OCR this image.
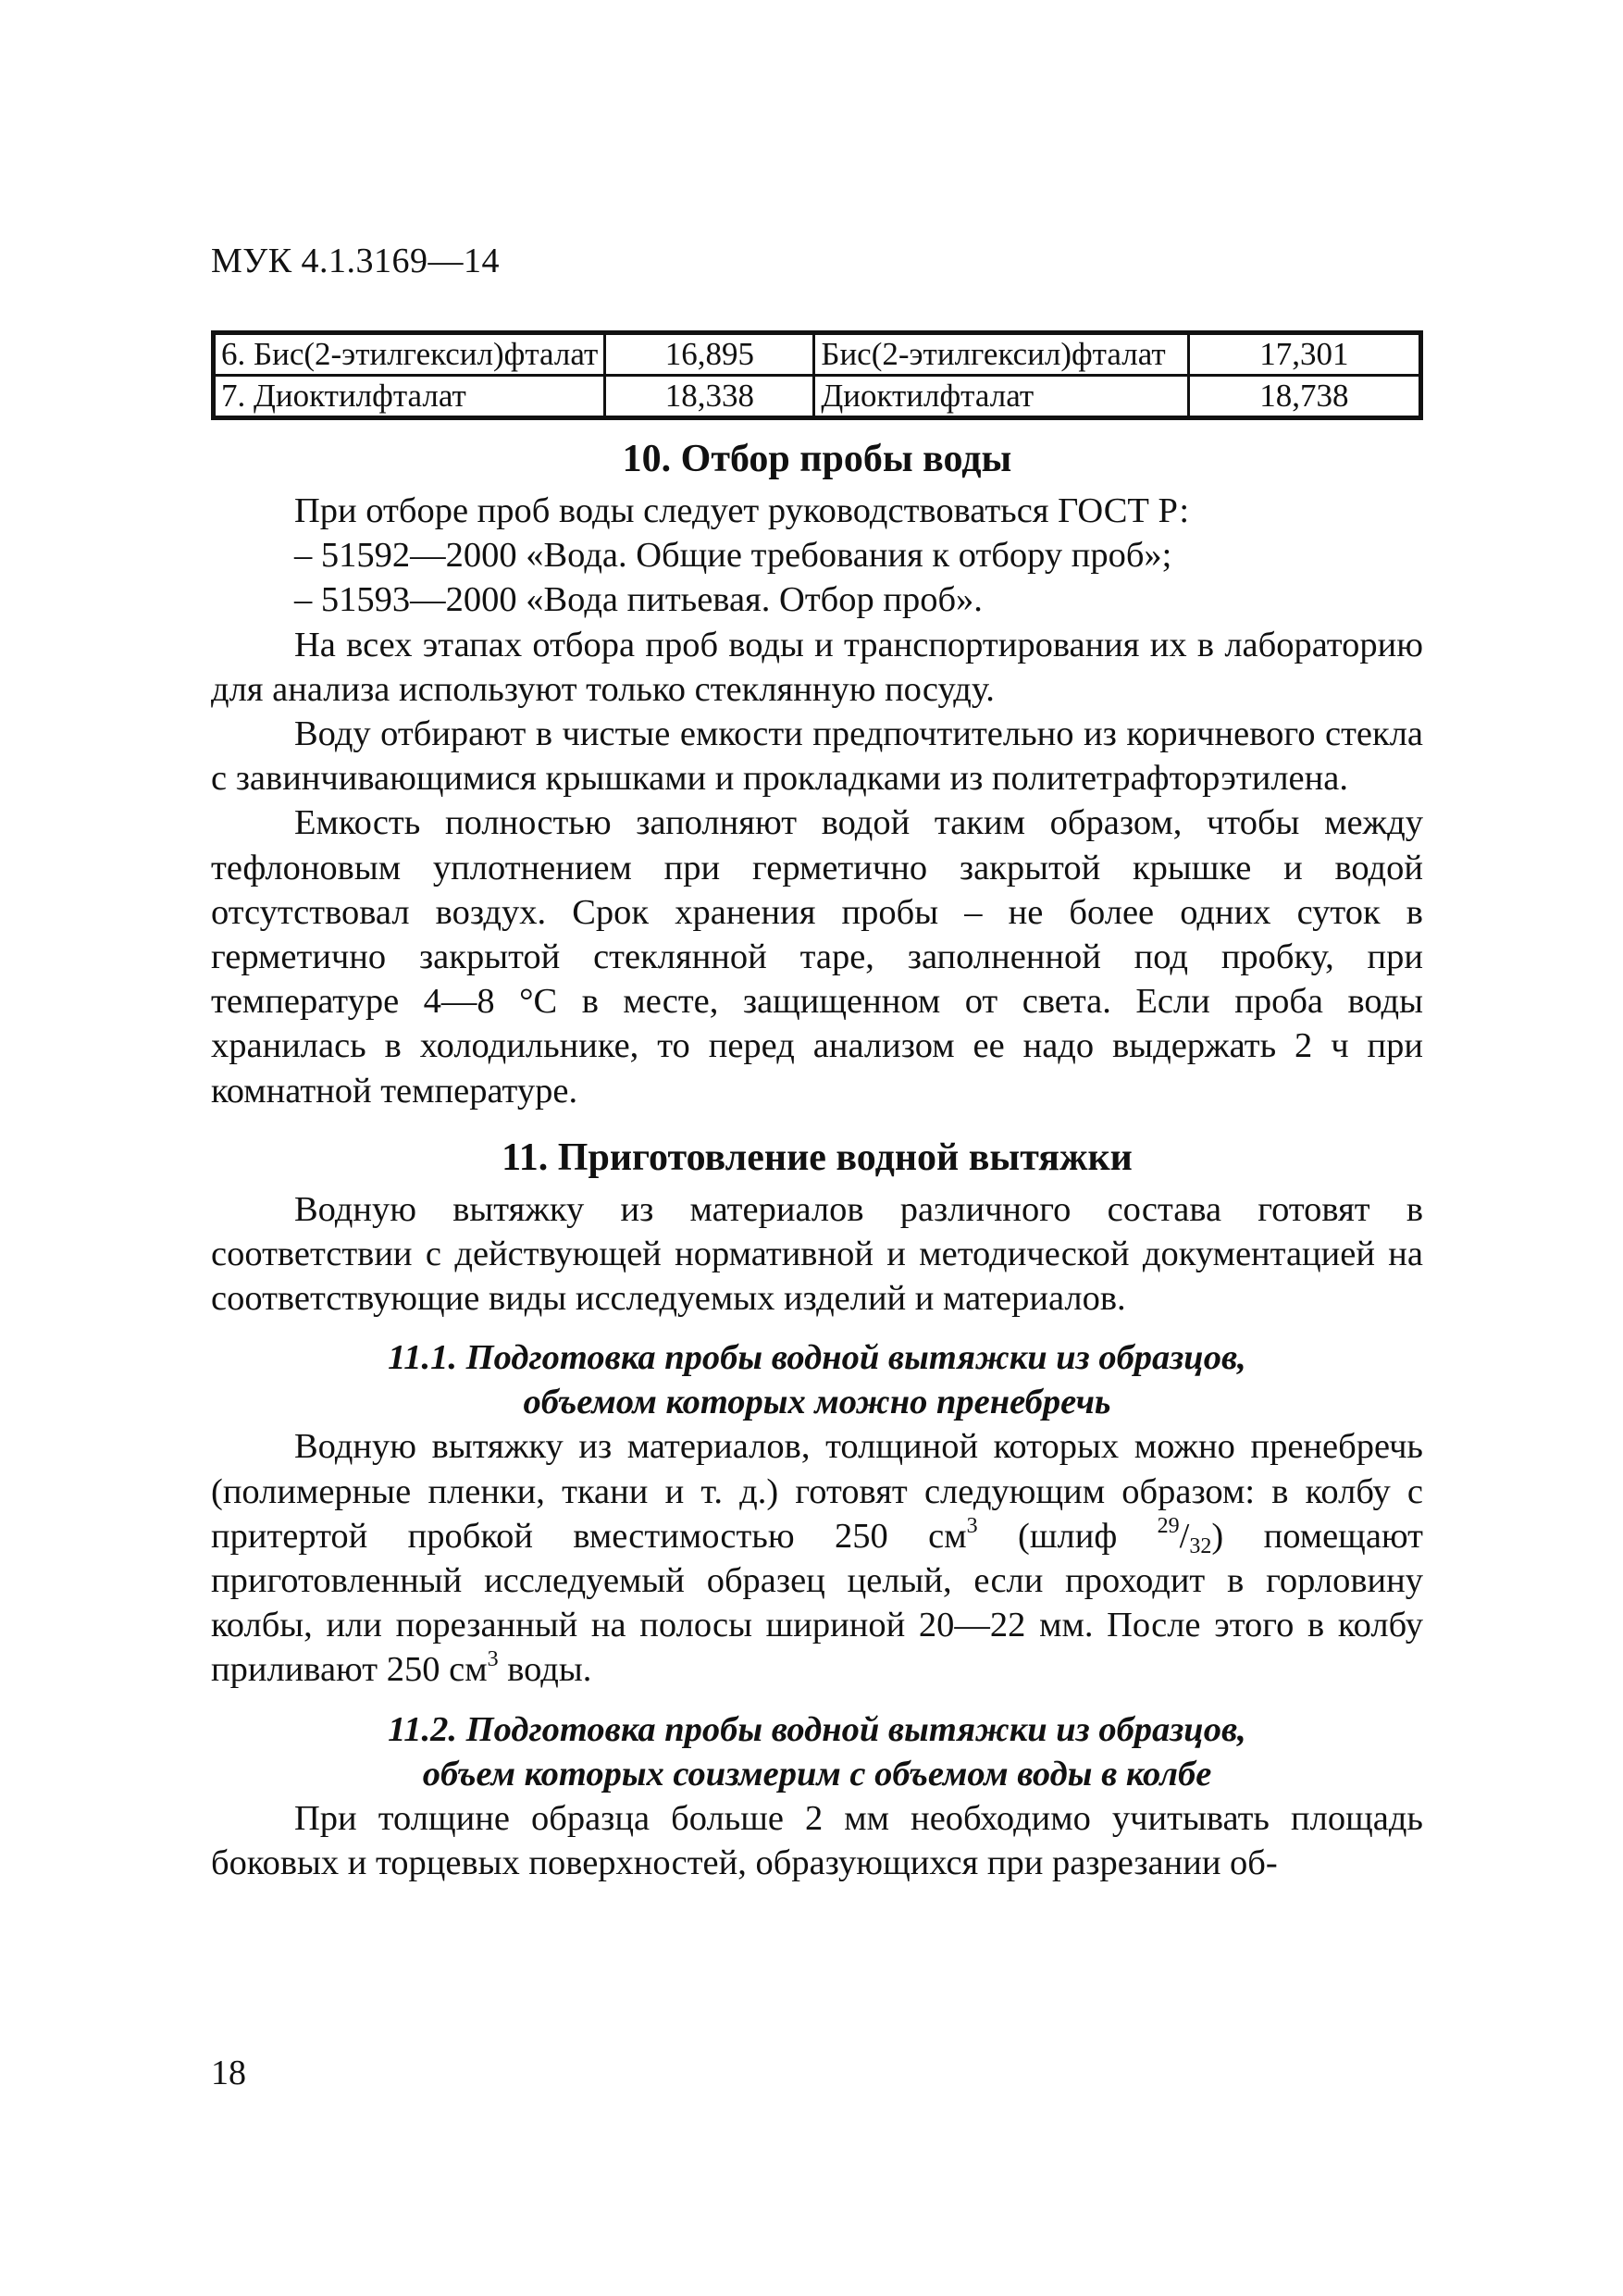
МУК 4.1.3169—14
6. Бис(2-этилгексил)фталат	16,895	Бис(2-этилгексил)фталат	17,301
7. Диоктилфталат	18,338	Диоктилфталат	18,738
10. Отбор пробы воды

При отборе проб воды следует руководствоваться ГОСТ Р:

– 51592—2000 «Вода. Общие требования к отбору проб»;

– 51593—2000 «Вода питьевая. Отбор проб».

На всех этапах отбора проб воды и транспортирования их в лабораторию для анализа используют только стеклянную посуду.

Воду отбирают в чистые емкости предпочтительно из коричневого стекла с завинчивающимися крышками и прокладками из политетрафторэтилена.

Емкость полностью заполняют водой таким образом, чтобы между тефлоновым уплотнением при герметично закрытой крышке и водой отсутствовал воздух. Срок хранения пробы – не более одних суток в герметично закрытой стеклянной таре, заполненной под пробку, при температуре 4—8 °С в месте, защищенном от света. Если проба воды хранилась в холодильнике, то перед анализом ее надо выдержать 2 ч при комнатной температуре.

11. Приготовление водной вытяжки

Водную вытяжку из материалов различного состава готовят в соответствии с действующей нормативной и методической документацией на соответствующие виды исследуемых изделий и материалов.

11.1. Подготовка пробы водной вытяжки из образцов,
объемом которых можно пренебречь

Водную вытяжку из материалов, толщиной которых можно пренебречь (полимерные пленки, ткани и т. д.) готовят следующим образом: в колбу с притертой пробкой вместимостью 250 $см^3$ (шлиф $^{29}/_{32}$) помещают приготовленный исследуемый образец целый, если проходит в горловину колбы, или порезанный на полосы шириной 20—22 мм. После этого в колбу приливают 250 $см^3$ воды.

11.2. Подготовка пробы водной вытяжки из образцов,
объем которых соизмерим с объемом воды в колбе

При толщине образца больше 2 мм необходимо учитывать площадь боковых и торцевых поверхностей, образующихся при разрезании об-

18
